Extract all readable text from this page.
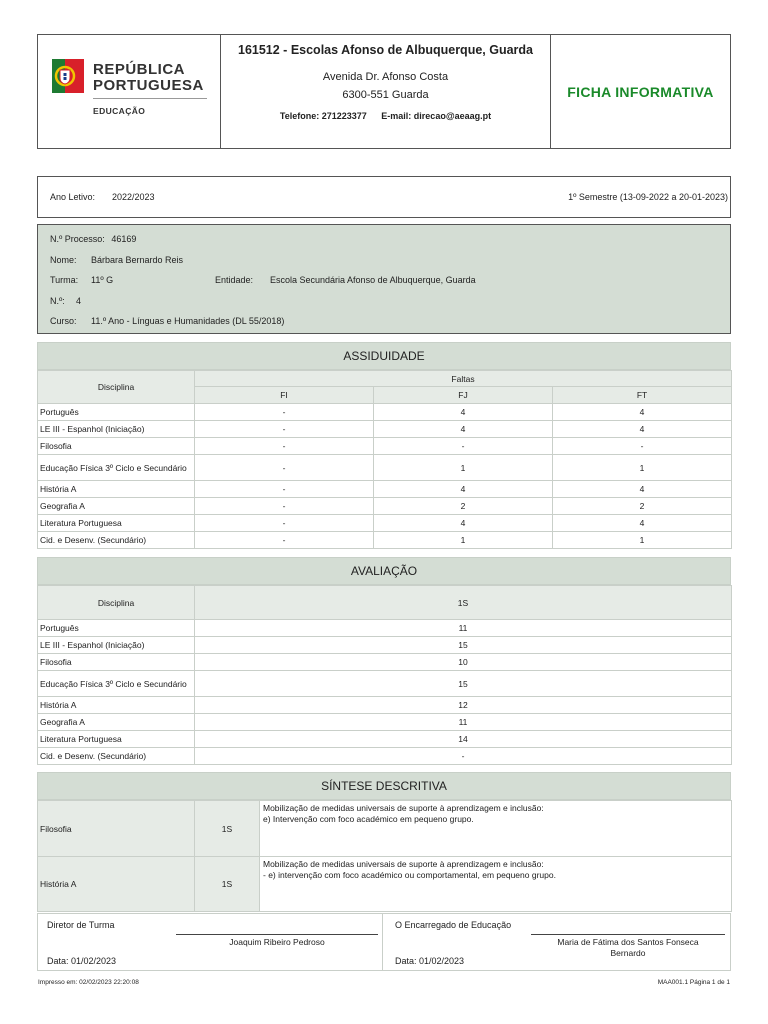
REPÚBLICA
PORTUGUESA
EDUCAÇÃO
161512 - Escolas Afonso de Albuquerque, Guarda
Avenida Dr. Afonso Costa
6300-551 Guarda
Telefone: 271223377 E-mail: direcao@aeaag.pt
FICHA INFORMATIVA
Ano Letivo: 2022/2023	1º Semestre (13-09-2022 a 20-01-2023)
N.º Processo: 46169
Nome: Bárbara Bernardo Reis
Turma: 11º G	Entidade: Escola Secundária Afonso de Albuquerque, Guarda
N.º: 4
Curso: 11.º Ano - Línguas e Humanidades (DL 55/2018)
ASSIDUIDADE
Disciplina	Faltas		
	FI	FJ	FT
Português	-	4	4
LE III - Espanhol (Iniciação)	-	4	4
Filosofia	-	-	-
Educação Física 3º Ciclo e Secundário	-	1	1
História A	-	4	4
Geografia A	-	2	2
Literatura Portuguesa	-	4	4
Cid. e Desenv. (Secundário)	-	1	1
AVALIAÇÃO
Disciplina	1S
Português	11
LE III - Espanhol (Iniciação)	15
Filosofia	10
Educação Física 3º Ciclo e Secundário	15
História A	12
Geografia A	11
Literatura Portuguesa	14
Cid. e Desenv. (Secundário)	-
SÍNTESE DESCRITIVA
Filosofia	1S	Mobilização de medidas universais de suporte à aprendizagem e inclusão:
e) Intervenção com foco académico em pequeno grupo.

História A	1S	Mobilização de medidas universais de suporte à aprendizagem e inclusão:
- e) intervenção com foco académico ou comportamental, em pequeno grupo.
Diretor de Turma
Joaquim Ribeiro Pedroso
Data: 01/02/2023
O Encarregado de Educação
Maria de Fátima dos Santos Fonseca
Bernardo
Data: 01/02/2023
Impresso em: 02/02/2023 22:20:08	MAA001.1 Página 1 de 1
